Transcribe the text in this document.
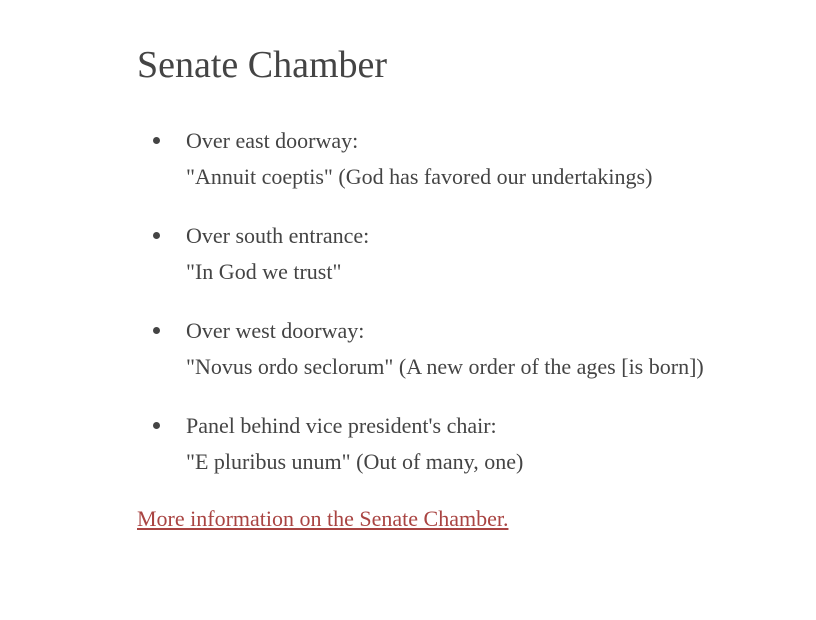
Senate Chamber
Over east doorway:
"Annuit coeptis" (God has favored our undertakings)
Over south entrance:
"In God we trust"
Over west doorway:
"Novus ordo seclorum" (A new order of the ages [is born])
Panel behind vice president's chair:
"E pluribus unum" (Out of many, one)
More information on the Senate Chamber.
